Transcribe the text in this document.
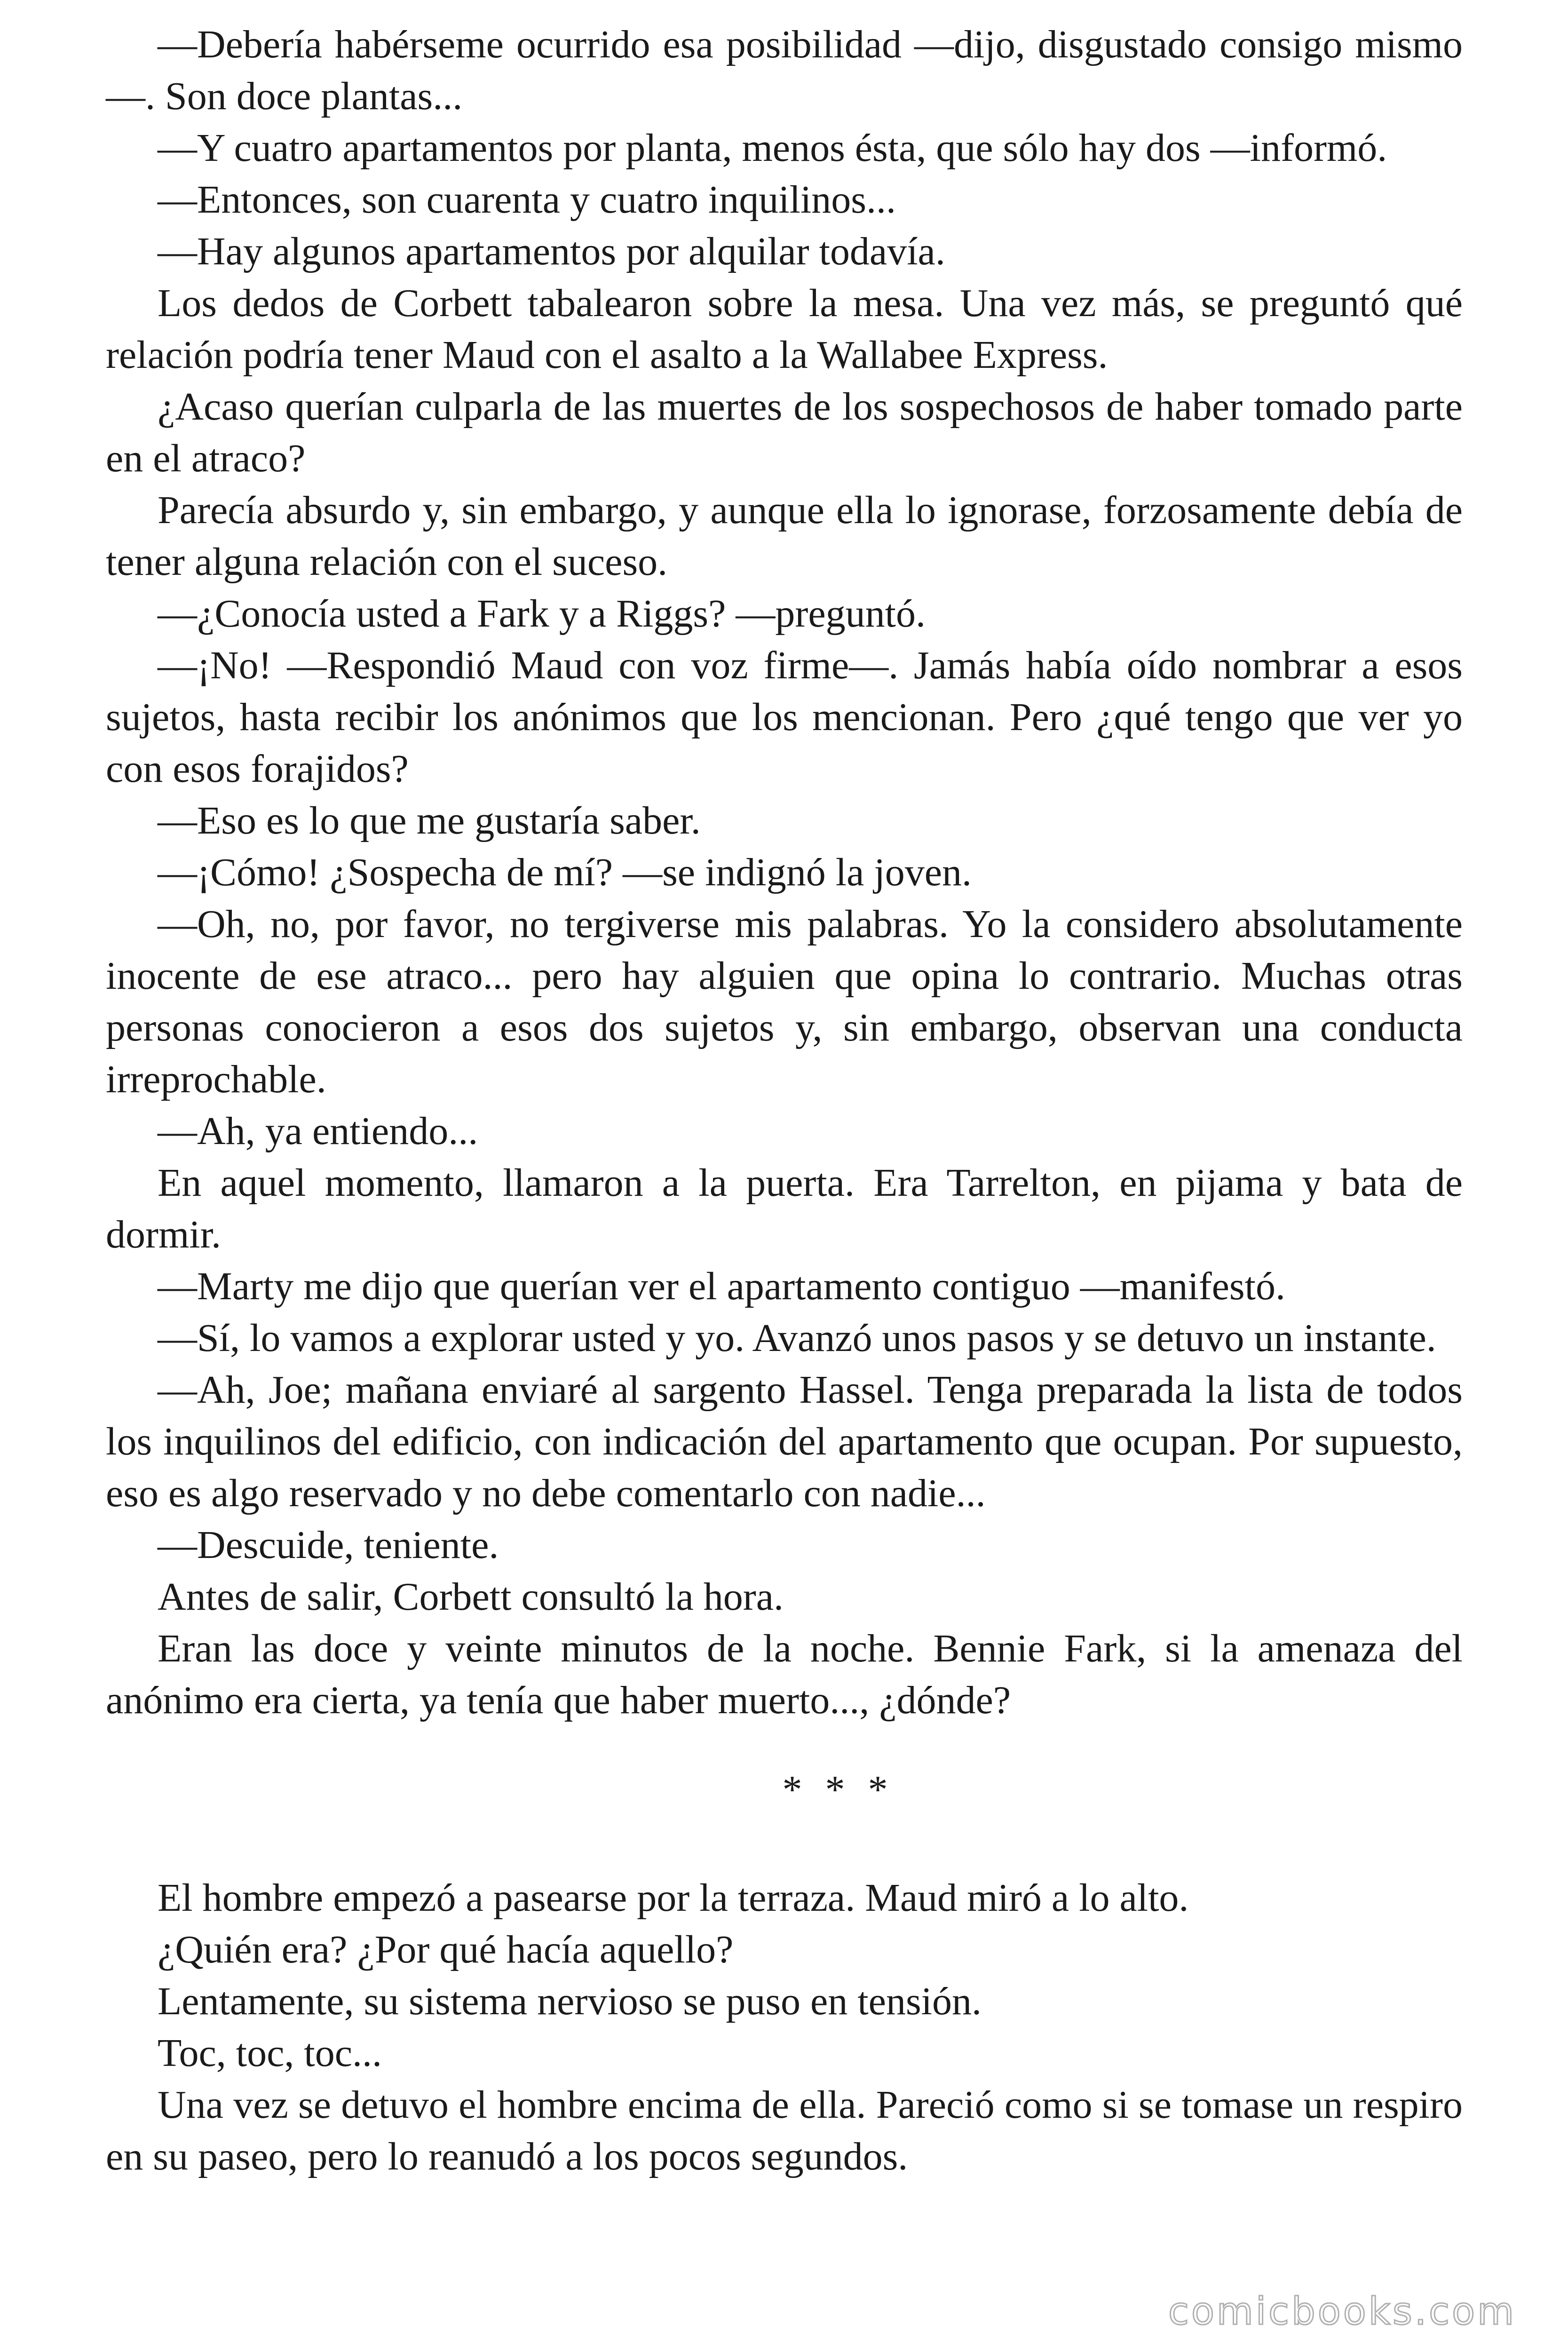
—Debería habérseme ocurrido esa posibilidad —dijo, disgustado consigo mismo—. Son doce plantas...

—Y cuatro apartamentos por planta, menos ésta, que sólo hay dos —informó.

—Entonces, son cuarenta y cuatro inquilinos...

—Hay algunos apartamentos por alquilar todavía.

Los dedos de Corbett tabalearon sobre la mesa. Una vez más, se preguntó qué relación podría tener Maud con el asalto a la Wallabee Express.

¿Acaso querían culparla de las muertes de los sospechosos de haber tomado parte en el atraco?

Parecía absurdo y, sin embargo, y aunque ella lo ignorase, forzosamente debía de tener alguna relación con el suceso.

—¿Conocía usted a Fark y a Riggs? —preguntó.

—¡No! —Respondió Maud con voz firme—. Jamás había oído nombrar a esos sujetos, hasta recibir los anónimos que los mencionan. Pero ¿qué tengo que ver yo con esos forajidos?

—Eso es lo que me gustaría saber.

—¡Cómo! ¿Sospecha de mí? —se indignó la joven.

—Oh, no, por favor, no tergiverse mis palabras. Yo la considero absolutamente inocente de ese atraco... pero hay alguien que opina lo contrario. Muchas otras personas conocieron a esos dos sujetos y, sin embargo, observan una conducta irreprochable.

—Ah, ya entiendo...

En aquel momento, llamaron a la puerta. Era Tarrelton, en pijama y bata de dormir.

—Marty me dijo que querían ver el apartamento contiguo —manifestó.

—Sí, lo vamos a explorar usted y yo. Avanzó unos pasos y se detuvo un instante.

—Ah, Joe; mañana enviaré al sargento Hassel. Tenga preparada la lista de todos los inquilinos del edificio, con indicación del apartamento que ocupan. Por supuesto, eso es algo reservado y no debe comentarlo con nadie...

—Descuide, teniente.

Antes de salir, Corbett consultó la hora.

Eran las doce y veinte minutos de la noche. Bennie Fark, si la amenaza del anónimo era cierta, ya tenía que haber muerto..., ¿dónde?

* * *

El hombre empezó a pasearse por la terraza. Maud miró a lo alto.

¿Quién era? ¿Por qué hacía aquello?

Lentamente, su sistema nervioso se puso en tensión.

Toc, toc, toc...

Una vez se detuvo el hombre encima de ella. Pareció como si se tomase un respiro en su paseo, pero lo reanudó a los pocos segundos.

comicbooks.com
